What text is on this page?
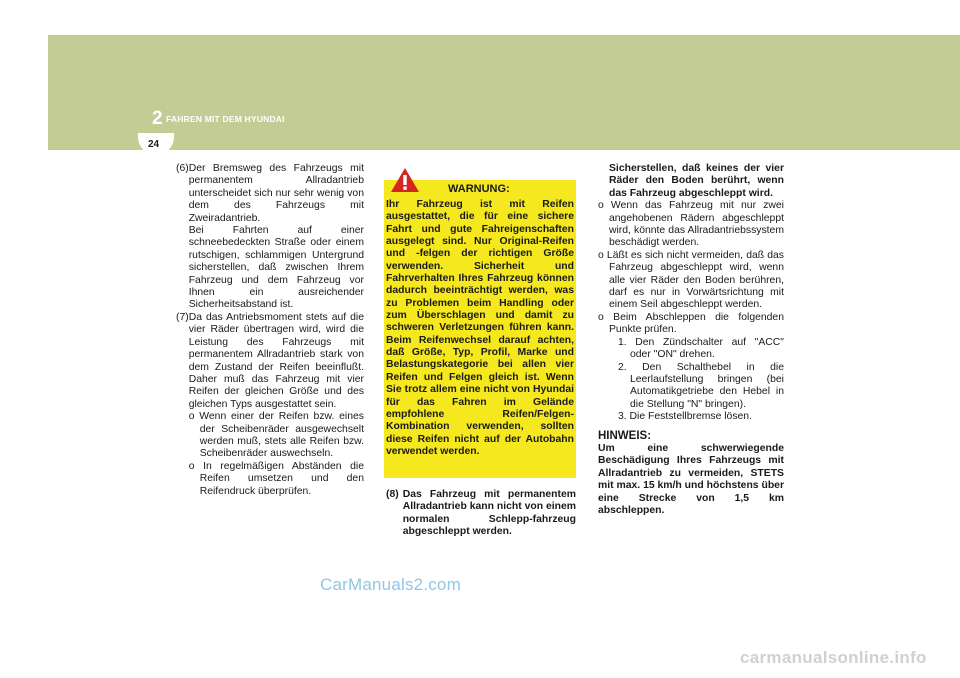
2 FAHREN MIT DEM HYUNDAI
24
(6) Der Bremsweg des Fahrzeugs mit permanentem Allradantrieb unterscheidet sich nur sehr wenig von dem des Fahrzeugs mit Zweiradantrieb.

Bei Fahrten auf einer schneebedeckten Straße oder einem rutschigen, schlammigen Untergrund sicherstellen, daß zwischen Ihrem Fahrzeug und dem Fahrzeug vor Ihnen ein ausreichender Sicherheitsabstand ist.

(7) Da das Antriebsmoment stets auf die vier Räder übertragen wird, wird die Leistung des Fahrzeugs mit permanentem Allradantrieb stark von dem Zustand der Reifen beeinflußt. Daher muß das Fahrzeug mit vier Reifen der gleichen Größe und des gleichen Typs ausgestattet sein.

o Wenn einer der Reifen bzw. eines der Scheibenräder ausgewechselt werden muß, stets alle Reifen bzw. Scheibenräder auswechseln.

o In regelmäßigen Abständen die Reifen umsetzen und den Reifendruck überprüfen.

WARNUNG:

Ihr Fahrzeug ist mit Reifen ausgestattet, die für eine sichere Fahrt und gute Fahreigenschaften ausgelegt sind. Nur Original-Reifen und -felgen der richtigen Größe verwenden. Sicherheit und Fahrverhalten Ihres Fahrzeug können dadurch beeinträchtigt werden, was zu Problemen beim Handling oder zum Überschlagen und damit zu schweren Verletzungen führen kann. Beim Reifenwechsel darauf achten, daß Größe, Typ, Profil, Marke und Belastungskategorie bei allen vier Reifen und Felgen gleich ist. Wenn Sie trotz allem eine nicht von Hyundai für das Fahren im Gelände empfohlene Reifen/Felgen-Kombination verwenden, sollten diese Reifen nicht auf der Autobahn verwendet werden.

(8) Das Fahrzeug mit permanentem Allradantrieb kann nicht von einem normalen Schlepp-fahrzeug abgeschleppt werden.

Sicherstellen, daß keines der vier Räder den Boden berührt, wenn das Fahrzeug abgeschleppt wird.

o Wenn das Fahrzeug mit nur zwei angehobenen Rädern abgeschleppt wird, könnte das Allradantriebssystem beschädigt werden.

o Läßt es sich nicht vermeiden, daß das Fahrzeug abgeschleppt wird, wenn alle vier Räder den Boden berühren, darf es nur in Vorwärtsrichtung mit einem Seil abgeschleppt werden.

o Beim Abschleppen die folgenden Punkte prüfen.

1. Den Zündschalter auf "ACC" oder "ON" drehen.

2. Den Schalthebel in die Leerlaufstellung bringen (bei Automatikgetriebe den Hebel in die Stellung "N" bringen).

3. Die Feststellbremse lösen.

HINWEIS:

Um eine schwerwiegende Beschädigung Ihres Fahrzeugs mit Allradantrieb zu vermeiden, STETS mit max. 15 km/h und höchstens über eine Strecke von 1,5 km abschleppen.

CarManuals2.com
carmanualsonline.info
